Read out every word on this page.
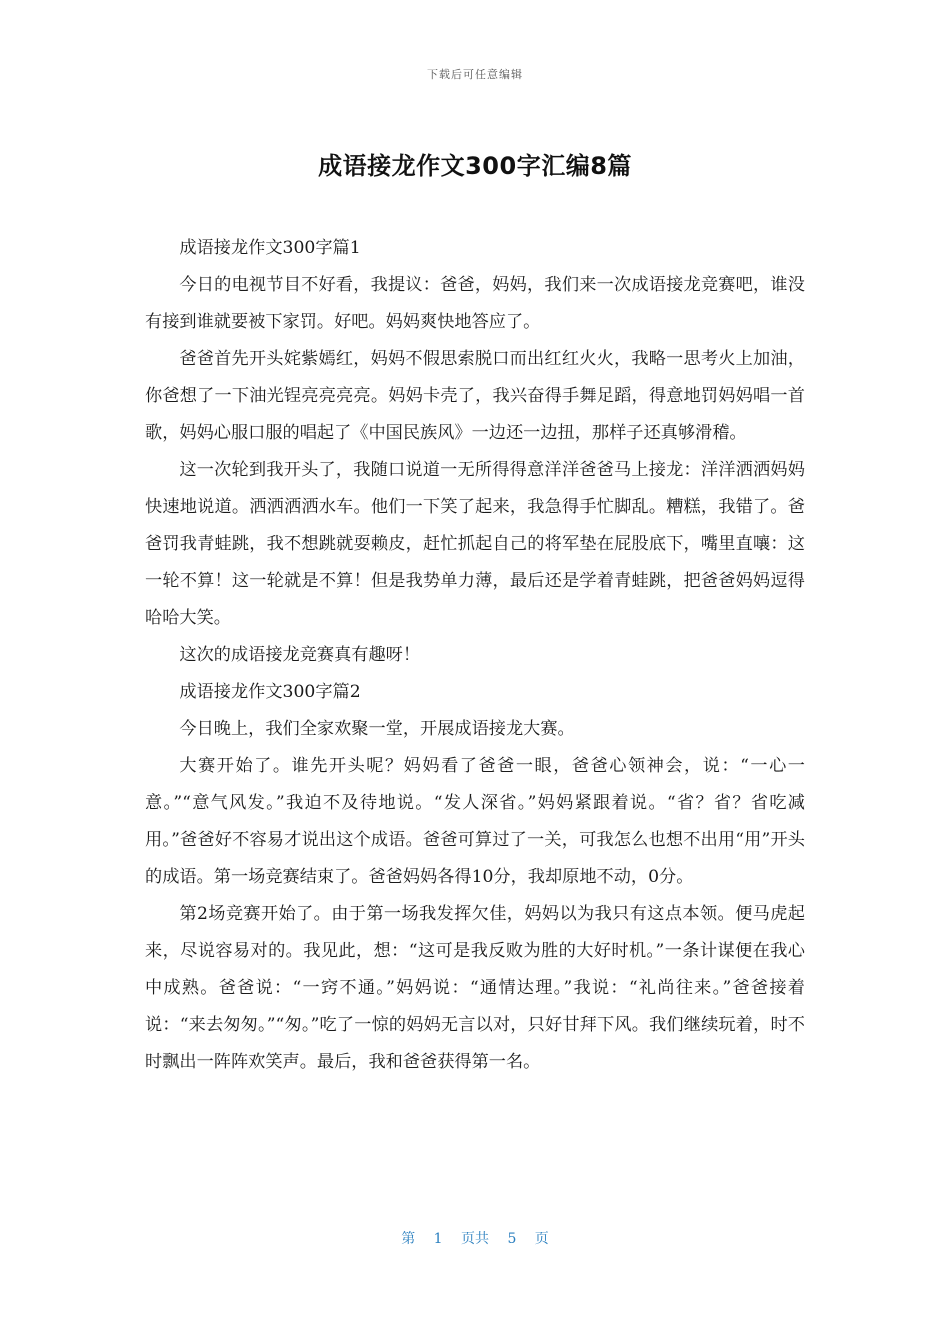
下载后可任意编辑
成语接龙作文300字汇编8篇

成语接龙作文300字篇1

今日的电视节目不好看，我提议：爸爸，妈妈，我们来一次成语接龙竞赛吧，谁没有接到谁就要被下家罚。好吧。妈妈爽快地答应了。

爸爸首先开头姹紫嫣红，妈妈不假思索脱口而出红红火火，我略一思考火上加油，你爸想了一下油光锃亮亮亮亮。妈妈卡壳了，我兴奋得手舞足蹈，得意地罚妈妈唱一首歌，妈妈心服口服的唱起了《中国民族风》一边还一边扭，那样子还真够滑稽。

这一次轮到我开头了，我随口说道一无所得得意洋洋爸爸马上接龙：洋洋洒洒妈妈快速地说道。洒洒洒洒水车。他们一下笑了起来，我急得手忙脚乱。糟糕，我错了。爸爸罚我青蛙跳，我不想跳就耍赖皮，赶忙抓起自己的将军垫在屁股底下，嘴里直嚷：这一轮不算！这一轮就是不算！但是我势单力薄，最后还是学着青蛙跳，把爸爸妈妈逗得哈哈大笑。

这次的成语接龙竞赛真有趣呀！

成语接龙作文300字篇2

今日晚上，我们全家欢聚一堂，开展成语接龙大赛。

大赛开始了。谁先开头呢？妈妈看了爸爸一眼，爸爸心领神会，说：“一心一意。”“意气风发。”我迫不及待地说。“发人深省。”妈妈紧跟着说。“省？省？省吃减用。”爸爸好不容易才说出这个成语。爸爸可算过了一关，可我怎么也想不出用“用”开头的成语。第一场竞赛结束了。爸爸妈妈各得10分，我却原地不动，0分。

第2场竞赛开始了。由于第一场我发挥欠佳，妈妈以为我只有这点本领。便马虎起来，尽说容易对的。我见此，想：“这可是我反败为胜的大好时机。”一条计谋便在我心中成熟。爸爸说：“一窍不通。”妈妈说：“通情达理。”我说：“礼尚往来。”爸爸接着说：“来去匆匆。”“匆。”吃了一惊的妈妈无言以对，只好甘拜下风。我们继续玩着，时不时飘出一阵阵欢笑声。最后，我和爸爸获得第一名。

第 1 页共 5 页
